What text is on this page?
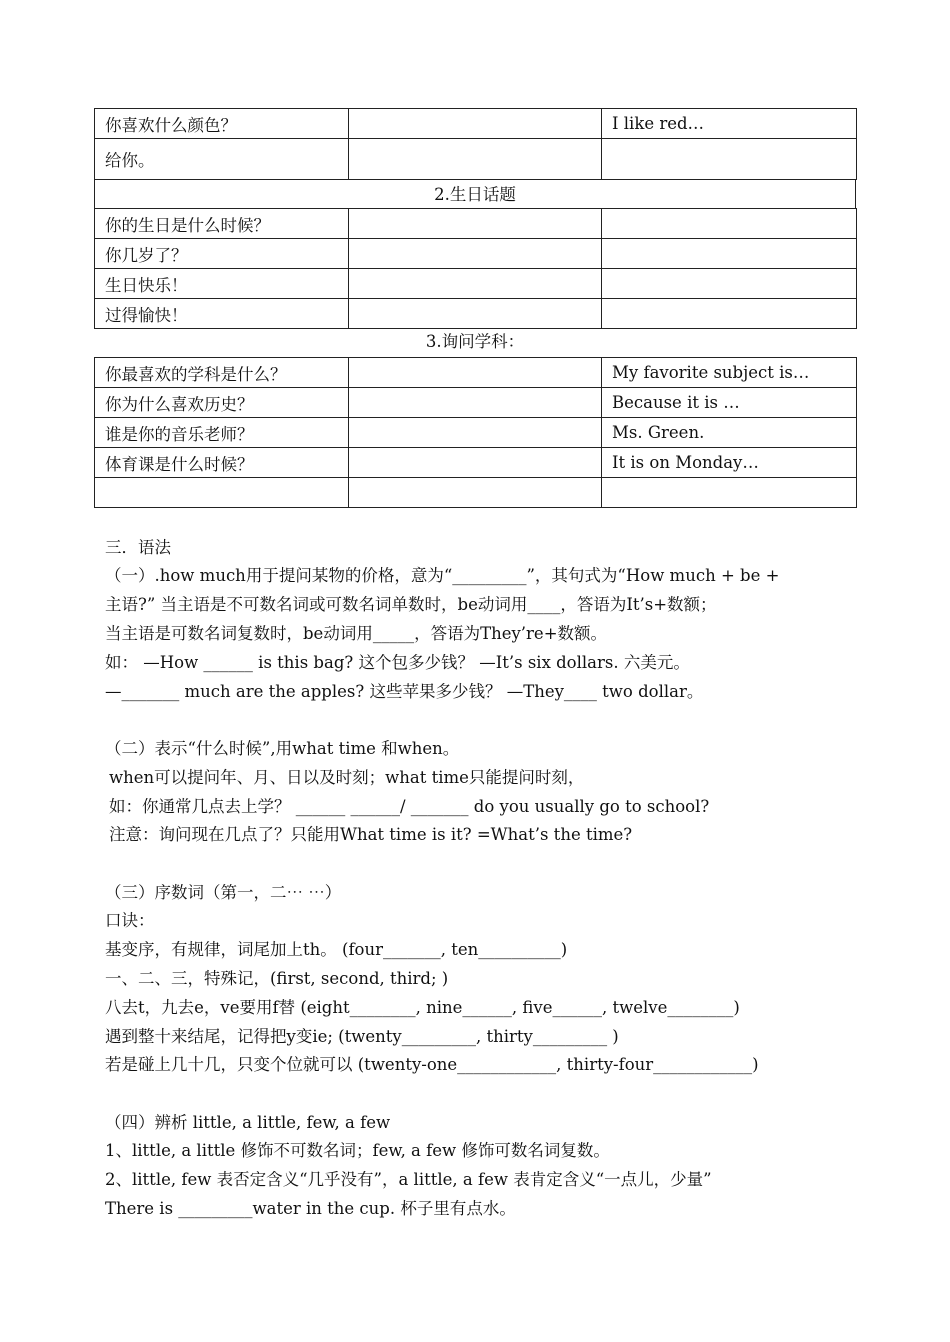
你喜欢什么颜色？		I like red…
给你。		
2.生日话题
你的生日是什么时候？		
你几岁了？		
生日快乐！		
过得愉快！		
3.询问学科：
你最喜欢的学科是什么？		My favorite subject is…
你为什么喜欢历史？		Because it is …
谁是你的音乐老师？		Ms. Green.
体育课是什么时候？		It is on Monday…

三．语法
（一）.how much用于提问某物的价格，意为“_________”，其句式为“How much + be +
主语?” 当主语是不可数名词或可数名词单数时，be动词用____，答语为It’s+数额；
当主语是可数名词复数时，be动词用_____，答语为They’re+数额。
如： —How ______ is this bag? 这个包多少钱？ —It’s six dollars. 六美元。
—_______ much are the apples? 这些苹果多少钱？ —They____ two dollar。
（二）表示“什么时候”,用what time 和when。
when可以提问年、月、日以及时刻；what time只能提问时刻，
如：你通常几点去上学？ ______ ______/ _______ do you usually go to school?
注意：询问现在几点了？只能用What time is it? =What’s the time?
（三）序数词（第一，二⋯ ⋯）
口诀：
基变序，有规律，词尾加上th。 (four_______, ten__________)
一、二、三，特殊记，(first, second, third; )
八去t，九去e，ve要用f替 (eight________, nine______, five______, twelve________)
遇到整十来结尾，记得把y变ie; (twenty_________, thirty_________ )
若是碰上几十几，只变个位就可以 (twenty-one____________, thirty-four____________)
（四）辨析 little, a little, few, a few
1、little, a little 修饰不可数名词；few, a few 修饰可数名词复数。
2、little, few 表否定含义“几乎没有”，a little, a few 表肯定含义“一点儿，少量”
There is _________water in the cup. 杯子里有点水。
